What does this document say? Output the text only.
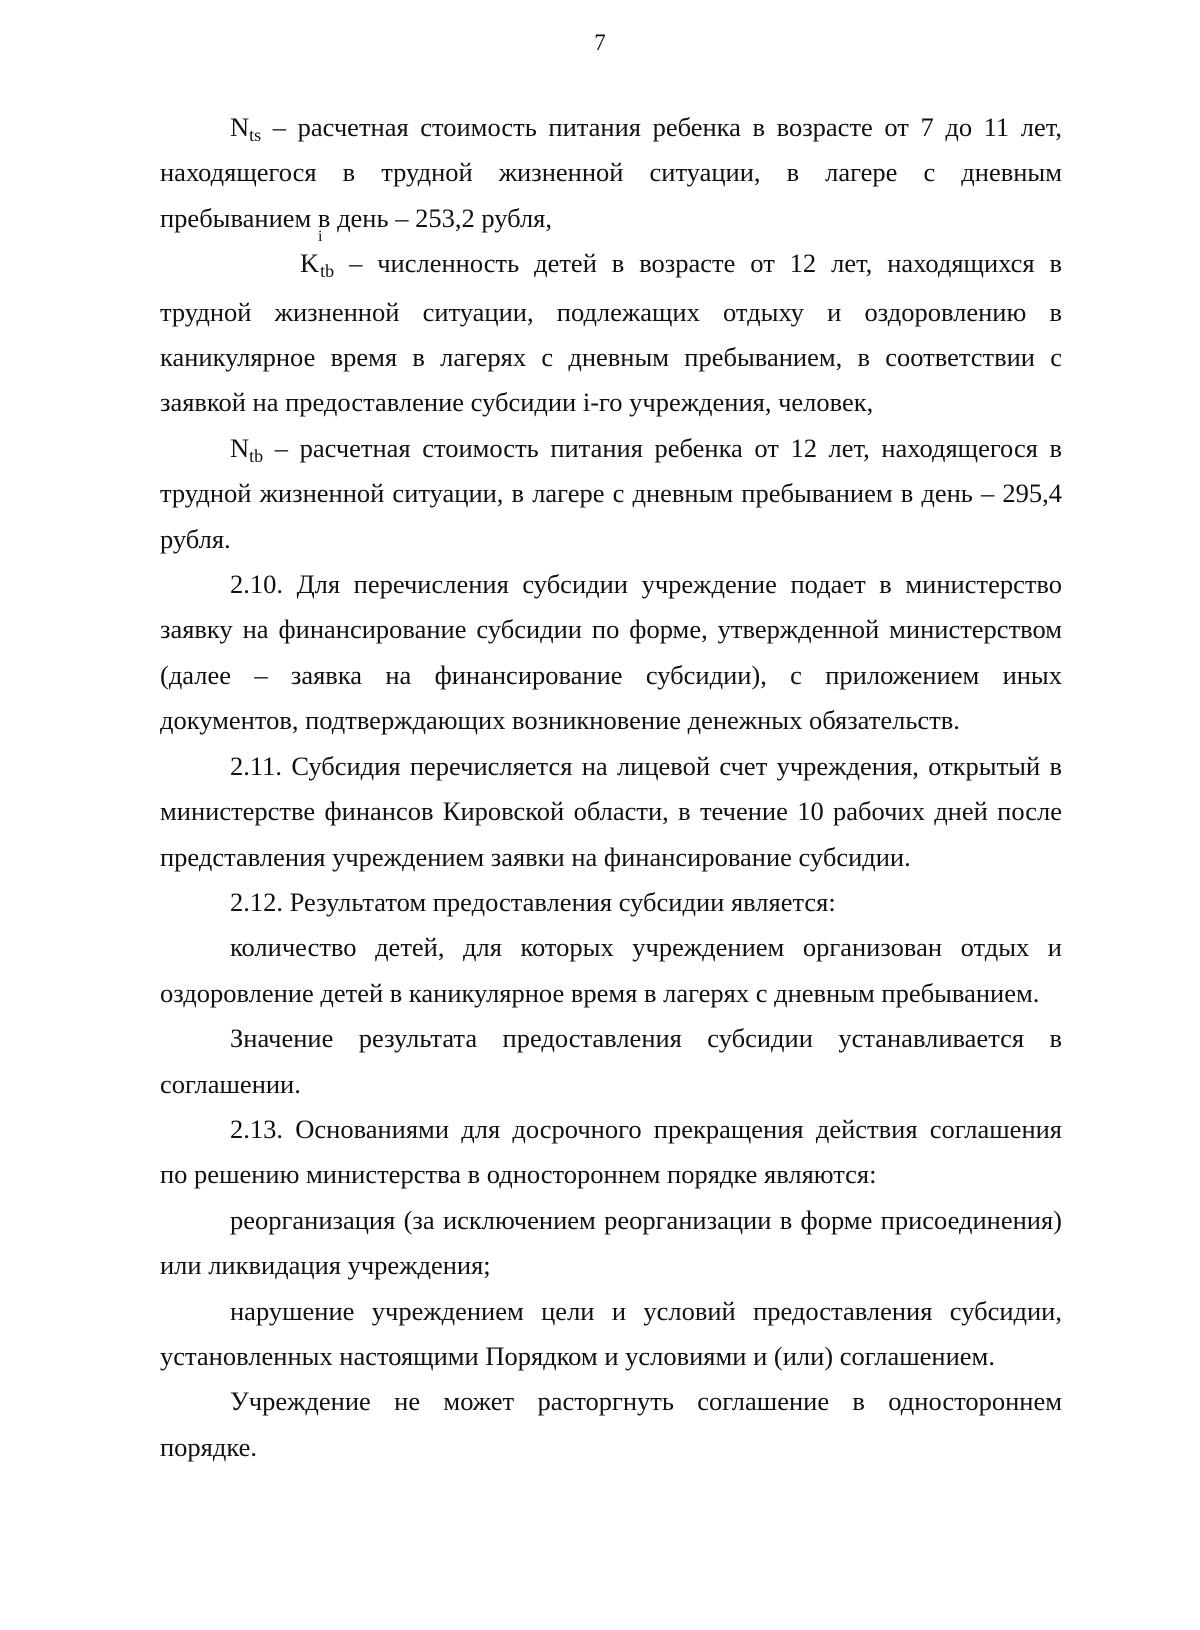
7

$N_{ts}$ – расчетная стоимость питания ребенка в возрасте от 7 до 11 лет, находящегося в трудной жизненной ситуации, в лагере с дневным пребыванием в день – 253,2 рубля,

K
i
tb – численность детей в возрасте от 12 лет, находящихся в трудной жизненной ситуации, подлежащих отдыху и оздоровлению в каникулярное время в лагерях с дневным пребыванием, в соответствии с заявкой на предоставление субсидии i-го учреждения, человек,

$N_{tb}$ – расчетная стоимость питания ребенка от 12 лет, находящегося в трудной жизненной ситуации, в лагере с дневным пребыванием в день – 295,4 рубля.

2.10. Для перечисления субсидии учреждение подает в министерство заявку на финансирование субсидии по форме, утвержденной министерством (далее – заявка на финансирование субсидии), с приложением иных документов, подтверждающих возникновение денежных обязательств.

2.11. Субсидия перечисляется на лицевой счет учреждения, открытый в министерстве финансов Кировской области, в течение 10 рабочих дней после представления учреждением заявки на финансирование субсидии.

2.12. Результатом предоставления субсидии является:

количество детей, для которых учреждением организован отдых и оздоровление детей в каникулярное время в лагерях с дневным пребыванием.

Значение результата предоставления субсидии устанавливается в соглашении.

2.13. Основаниями для досрочного прекращения действия соглашения по решению министерства в одностороннем порядке являются:

реорганизация (за исключением реорганизации в форме присоединения) или ликвидация учреждения;

нарушение учреждением цели и условий предоставления субсидии, установленных настоящими Порядком и условиями и (или) соглашением.

Учреждение не может расторгнуть соглашение в одностороннем порядке.
